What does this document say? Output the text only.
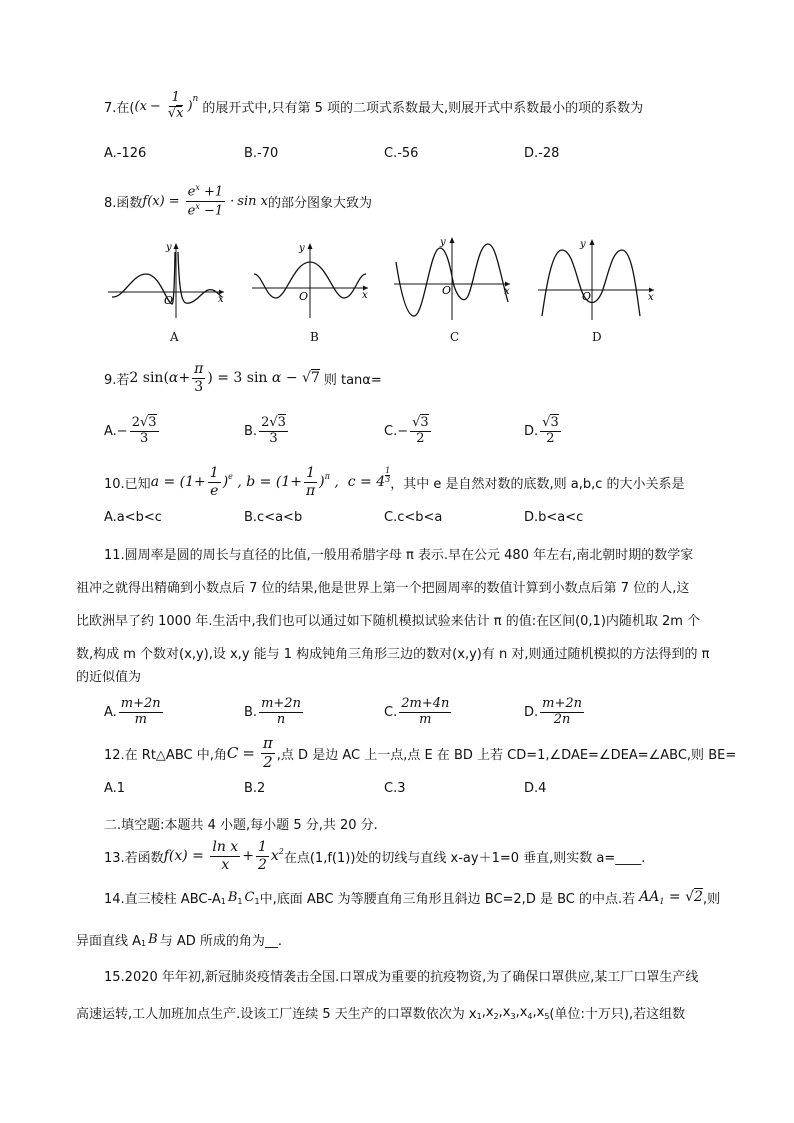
7.在( ( $x - \frac{1}{√x} )^n$
的展开式中,只有第 5 项的二项式系数最大,则展开式中系数最小的项的系数为
A.-126	B.-70	C.-56	D.-28
8.函数 f ( x ) = $\frac{e^x +1}{e^x -1} \cdot \sin x$ 的部分图象大致为
y
x
O
A
y
x
O
B
y
x
O
C
y
x
O
D
9.若 2 sin( $\alpha + \frac{\pi}{3}$ ) = 3 sin α − √7 则 tanα=
A. − $\frac{2√3}{3}$	B. $\frac{2√3}{3}$	C. − $\frac{√3}{2}$	D. $\frac{√3}{2}$
10.已知 $a = (1+ \frac{1}{e} )^e$ , $b = (1+ \frac{1}{\pi} )^\pi$ , c = 4
$^{1 3}$ ，其中 e 是自然对数的底数,则 a,b,c 的大小关系是
A.a<b<c	B.c<a<b	C.c<b<a	D.b<a<c
11.圆周率是圆的周长与直径的比值,一般用希腊字母 π 表示.早在公元 480 年左右,南北朝时期的数学家
祖冲之就得出精确到小数点后 7 位的结果,他是世界上第一个把圆周率的数值计算到小数点后第 7 位的人,这
比欧洲早了约 1000 年.生活中,我们也可以通过如下随机模拟试验来估计 π 的值:在区间(0,1)内随机取 2m 个
数,构成 m 个数对(x,y),设 x,y 能与 1 构成钝角三角形三边的数对(x,y)有 n 对,则通过随机模拟的方法得到的 π
的近似值为
A. $\frac{m+2n}{m}$	B. $\frac{m+2n}{n}$	C. $\frac{2m+4n}{m}$	D. $\frac{m+2n}{2n}$
12.在 Rt△ABC 中,角 $C = \frac{\pi}{2}$ ,点 D 是边 AC 上一点,点 E 在 BD 上若 CD=1,∠DAE=∠DEA=∠ABC,则 BE=
A.1	B.2	C.3	D.4
二.填空题:本题共 4 小题,每小题 5 分,共 20 分.
13.若函数 f ( x ) = $\frac{\text{ln x}}{x} + \frac{1}{2} x^2$ 在点(1,f(1))处的切线与直线 x-ay＋1=0 垂直,则实数 a=____.
14.直三棱柱 ABC-A 1 B 1 C 1 中,底面 ABC 为等腰直角三角形且斜边 BC=2,D 是 BC 的中点.若 AA 1 = √2 ,则
异面直线 A 1 B 与 AD 所成的角为__.
15.2020 年年初,新冠肺炎疫情袭击全国.口罩成为重要的抗疫物资,为了确保口罩供应,某工厂口罩生产线
高速运转,工人加班加点生产.设该工厂连续 5 天生产的口罩数依次为 x 1 ,x 2 ,x 3 ,x 4 ,x 5 (单位:十万只),若这组数
